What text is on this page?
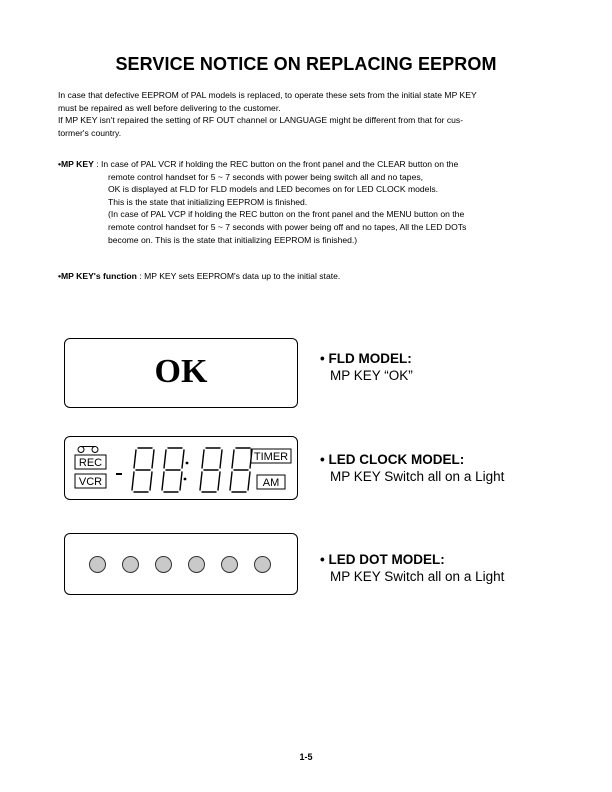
SERVICE NOTICE ON REPLACING EEPROM
In case that defective EEPROM of PAL models is replaced, to operate these sets from the initial state MP KEY
must be repaired as well before delivering to the customer.
If MP KEY isn't repaired the setting of RF OUT channel or LANGUAGE might be different from that for cus-
tormer's country.
•MP KEY : In case of PAL VCR if holding the REC button on the front panel and the CLEAR button on the
remote control handset for 5 ~ 7 seconds with power being switch all and no tapes,
OK is displayed at FLD for FLD models and LED becomes on for LED CLOCK models.
This is the state that initializing EEPROM is finished.
(In case of PAL VCP if holding the REC button on the front panel and the MENU button on the
remote control handset for 5 ~ 7 seconds with power being off and no tapes, All the LED DOTs
become on. This is the state that initializing EEPROM is finished.)
•MP KEY's function : MP KEY sets EEPROM's data up to the initial state.
OK
REC
VCR
TIMER
AM
• FLD MODEL:
MP KEY “OK”
• LED CLOCK MODEL:
MP KEY Switch all on a Light
• LED DOT MODEL:
MP KEY Switch all on a Light
1-5
